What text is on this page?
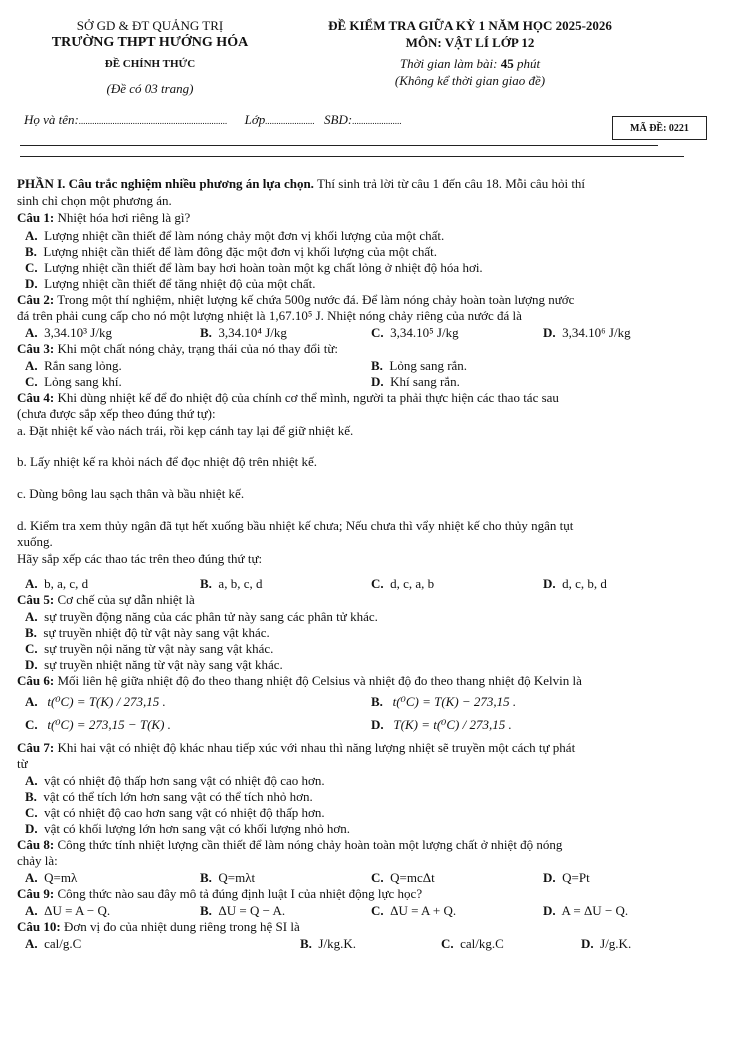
SỞ GD & ĐT QUẢNG TRỊ
TRƯỜNG THPT HƯỚNG HÓA
ĐỀ CHÍNH THỨC
(Đề có 03 trang)
ĐỀ KIỂM TRA GIỮA KỲ 1 NĂM HỌC 2025-2026
MÔN: VẬT LÍ LỚP 12
Thời gian làm bài: 45 phút
(Không kể thời gian giao đề)
Họ và tên:.................................................................. Lớp...................... SBD:......................
MÃ ĐỀ: 0221
PHẦN I. Câu trắc nghiệm nhiều phương án lựa chọn. Thí sinh trả lời từ câu 1 đến câu 18. Mỗi câu hỏi thí
sinh chỉ chọn một phương án.
Câu 1: Nhiệt hóa hơi riêng là gì?
A. Lượng nhiệt cần thiết để làm nóng chảy một đơn vị khối lượng của một chất.
B. Lượng nhiệt cần thiết để làm đông đặc một đơn vị khối lượng của một chất.
C. Lượng nhiệt cần thiết để làm bay hơi hoàn toàn một kg chất lỏng ở nhiệt độ hóa hơi.
D. Lượng nhiệt cần thiết để tăng nhiệt độ của một chất.
Câu 2: Trong một thí nghiệm, nhiệt lượng kế chứa 500g nước đá. Để làm nóng chảy hoàn toàn lượng nước
đá trên phải cung cấp cho nó một lượng nhiệt là 1,67.10⁵ J. Nhiệt nóng chảy riêng của nước đá là
A. 3,34.10³ J/kg	B. 3,34.10⁴ J/kg	C. 3,34.10⁵ J/kg	D. 3,34.10⁶ J/kg
Câu 3: Khi một chất nóng chảy, trạng thái của nó thay đổi từ:
A. Rắn sang lỏng.	B. Lỏng sang rắn.
C. Lỏng sang khí.	D. Khí sang rắn.
Câu 4: Khi dùng nhiệt kế để đo nhiệt độ của chính cơ thể mình, người ta phải thực hiện các thao tác sau
(chưa được sắp xếp theo đúng thứ tự):
a. Đặt nhiệt kế vào nách trái, rồi kẹp cánh tay lại để giữ nhiệt kế.
b. Lấy nhiệt kế ra khỏi nách để đọc nhiệt độ trên nhiệt kế.
c. Dùng bông lau sạch thân và bầu nhiệt kế.
d. Kiểm tra xem thủy ngân đã tụt hết xuống bầu nhiệt kế chưa; Nếu chưa thì vẩy nhiệt kế cho thủy ngân tụt
xuống.
Hãy sắp xếp các thao tác trên theo đúng thứ tự:
A. b, a, c, d	B. a, b, c, d	C. d, c, a, b	D. d, c, b, d
Câu 5: Cơ chế của sự dẫn nhiệt là
A. sự truyền động năng của các phân tử này sang các phân tử khác.
B. sự truyền nhiệt độ từ vật này sang vật khác.
C. sự truyền nội năng từ vật này sang vật khác.
D. sự truyền nhiệt năng từ vật này sang vật khác.
Câu 6: Mối liên hệ giữa nhiệt độ đo theo thang nhiệt độ Celsius và nhiệt độ đo theo thang nhiệt độ Kelvin là
A. t(⁰C) = T(K) / 273,15 .	B. t(⁰C) = T(K) − 273,15 .
C. t(⁰C) = 273,15 − T(K) .	D. T(K) = t(⁰C) / 273,15 .
Câu 7: Khi hai vật có nhiệt độ khác nhau tiếp xúc với nhau thì năng lượng nhiệt sẽ truyền một cách tự phát
từ
A. vật có nhiệt độ thấp hơn sang vật có nhiệt độ cao hơn.
B. vật có thể tích lớn hơn sang vật có thể tích nhỏ hơn.
C. vật có nhiệt độ cao hơn sang vật có nhiệt độ thấp hơn.
D. vật có khối lượng lớn hơn sang vật có khối lượng nhỏ hơn.
Câu 8: Công thức tính nhiệt lượng cần thiết để làm nóng chảy hoàn toàn một lượng chất ở nhiệt độ nóng
chảy là:
A. Q=mλ	B. Q=mλt	C. Q=mcΔt	D. Q=Pt
Câu 9: Công thức nào sau đây mô tả đúng định luật I của nhiệt động lực học?
A. ΔU = A − Q.	B. ΔU = Q − A.	C. ΔU = A + Q.	D. A = ΔU − Q.
Câu 10: Đơn vị đo của nhiệt dung riêng trong hệ SI là
A. cal/g.C	B. J/kg.K.	C. cal/kg.C	D. J/g.K.
